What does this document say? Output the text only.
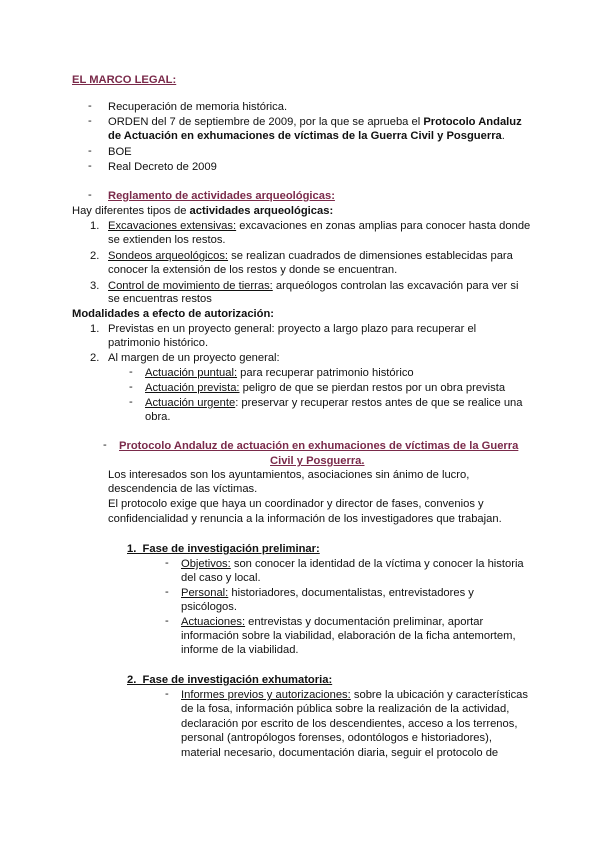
EL MARCO LEGAL:
- Recuperación de memoria histórica.
- ORDEN del 7 de septiembre de 2009, por la que se aprueba el Protocolo Andaluz
de Actuación en exhumaciones de víctimas de la Guerra Civil y Posguerra.
- BOE
- Real Decreto de 2009
- Reglamento de actividades arqueológicas:
Hay diferentes tipos de actividades arqueológicas:
1. Excavaciones extensivas: excavaciones en zonas amplias para conocer hasta donde
se extienden los restos.
2. Sondeos arqueológicos: se realizan cuadrados de dimensiones establecidas para
conocer la extensión de los restos y donde se encuentran.
3. Control de movimiento de tierras: arqueólogos controlan las excavación para ver si
se encuentras restos
Modalidades a efecto de autorización:
1. Previstas en un proyecto general: proyecto a largo plazo para recuperar el
patrimonio histórico.
2. Al margen de un proyecto general:
- Actuación puntual: para recuperar patrimonio histórico
- Actuación prevista: peligro de que se pierdan restos por un obra prevista
- Actuación urgente: preservar y recuperar restos antes de que se realice una
obra.
- Protocolo Andaluz de actuación en exhumaciones de víctimas de la Guerra
Civil y Posguerra.
Los interesados son los ayuntamientos, asociaciones sin ánimo de lucro,
descendencia de las víctimas.
El protocolo exige que haya un coordinador y director de fases, convenios y
confidencialidad y renuncia a la información de los investigadores que trabajan.
1.  Fase de investigación preliminar:
- Objetivos: son conocer la identidad de la víctima y conocer la historia
del caso y local.
- Personal: historiadores, documentalistas, entrevistadores y
psicólogos.
- Actuaciones: entrevistas y documentación preliminar, aportar
información sobre la viabilidad, elaboración de la ficha antemortem,
informe de la viabilidad.
2.  Fase de investigación exhumatoria:
- Informes previos y autorizaciones: sobre la ubicación y características
de la fosa, información pública sobre la realización de la actividad,
declaración por escrito de los descendientes, acceso a los terrenos,
personal (antropólogos forenses, odontólogos e historiadores),
material necesario, documentación diaria, seguir el protocolo de
